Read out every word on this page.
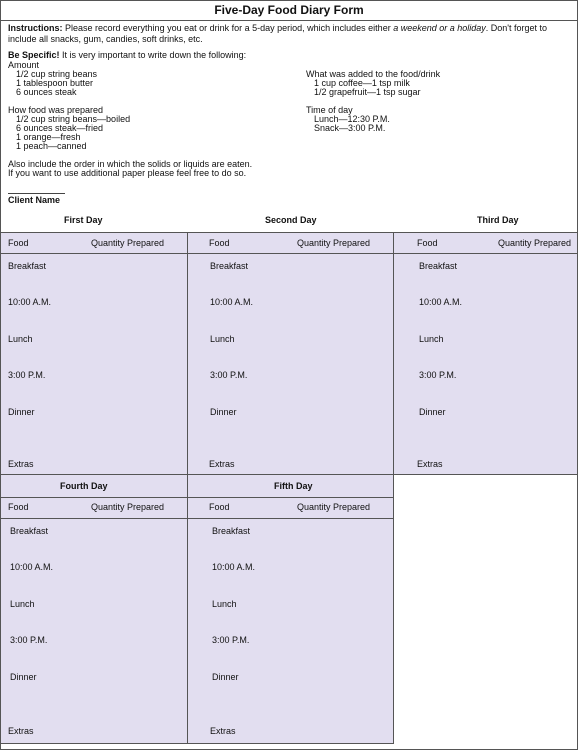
Five-Day Food Diary Form
Instructions: Please record everything you eat or drink for a 5-day period, which includes either a weekend or a holiday. Don't forget to include all snacks, gum, candies, soft drinks, etc.
Be Specific! It is very important to write down the following:
Amount
1/2 cup string beans
1 tablespoon butter
6 ounces steak
How food was prepared
1/2 cup string beans—boiled
6 ounces steak—fried
1 orange—fresh
1 peach—canned
What was added to the food/drink
1 cup coffee—1 tsp milk
1/2 grapefruit—1 tsp sugar
Time of day
Lunch—12:30 P.M.
Snack—3:00 P.M.
Also include the order in which the solids or liquids are eaten.
If you want to use additional paper please feel free to do so.
Client Name
First Day	Second Day	Third Day
Food	Quantity Prepared
Breakfast
10:00 A.M.
Lunch
3:00 P.M.
Dinner
Extras
Food	Quantity Prepared
Breakfast
10:00 A.M.
Lunch
3:00 P.M.
Dinner
Extras
Food	Quantity Prepared
Breakfast
10:00 A.M.
Lunch
3:00 P.M.
Dinner
Extras
Fourth Day
Food	Quantity Prepared
Breakfast
10:00 A.M.
Lunch
3:00 P.M.
Dinner
Extras
Fifth Day
Food	Quantity Prepared
Breakfast
10:00 A.M.
Lunch
3:00 P.M.
Dinner
Extras
